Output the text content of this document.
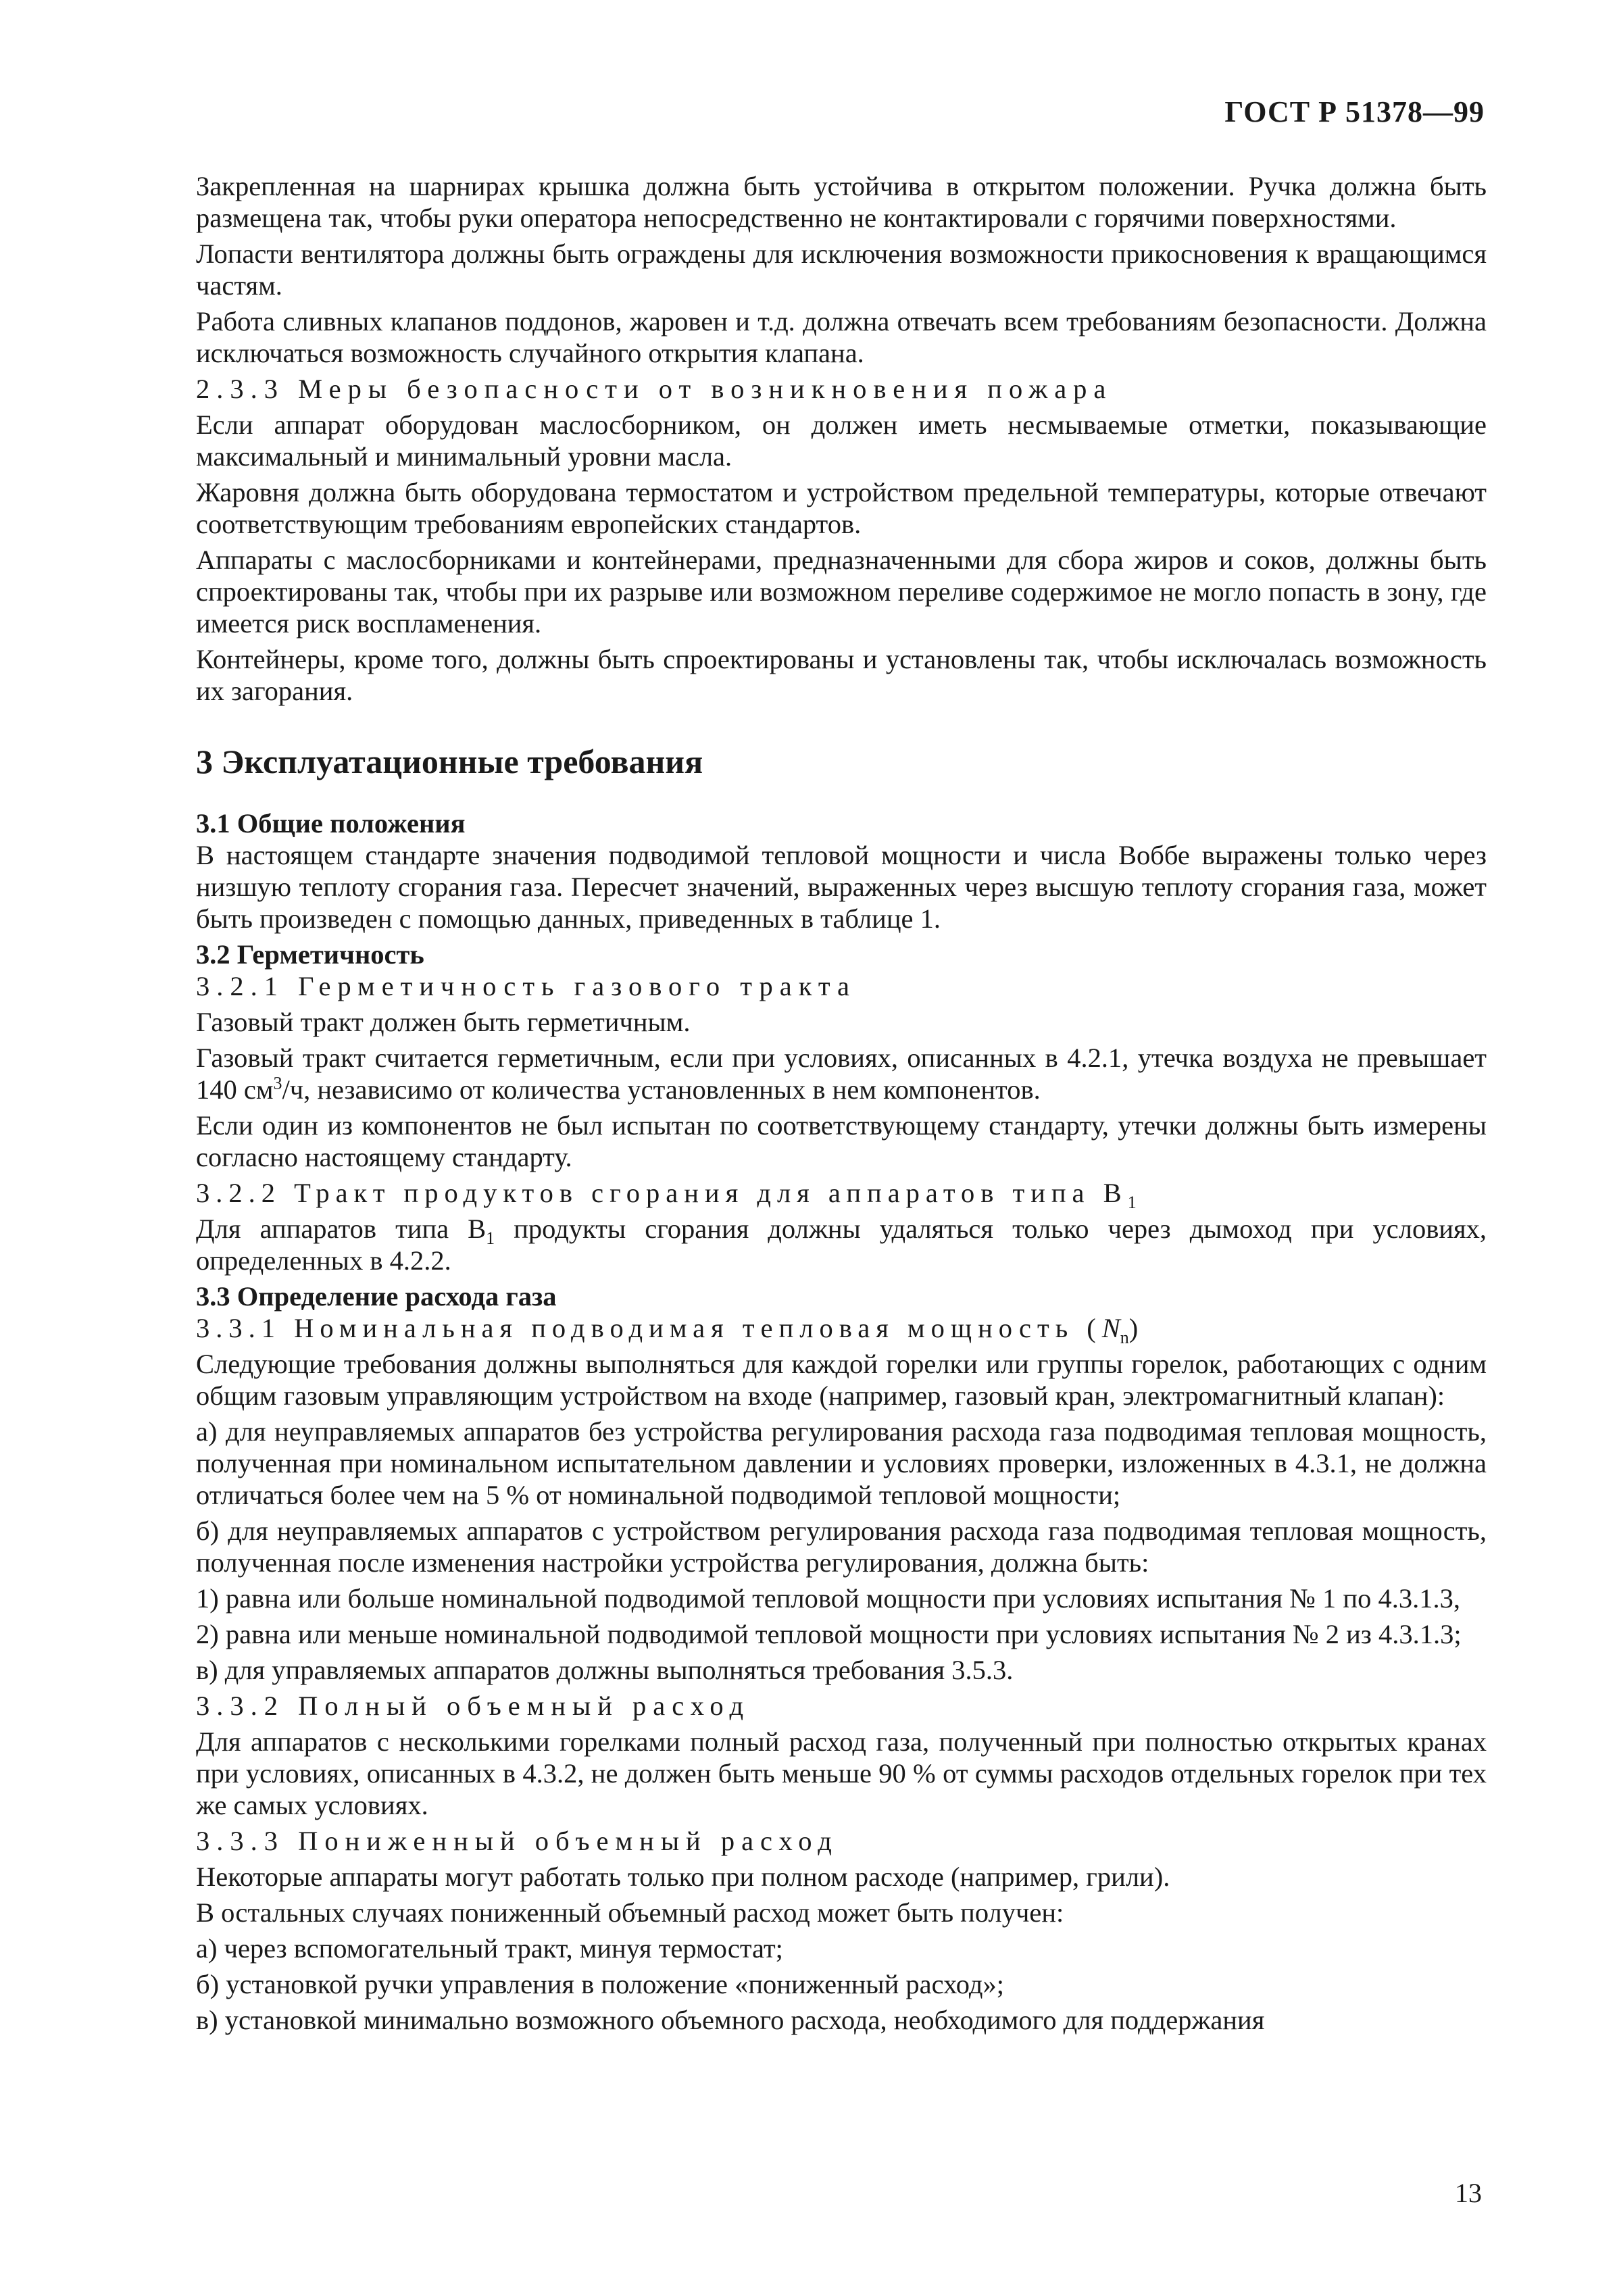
ГОСТ Р 51378—99

Закрепленная на шарнирах крышка должна быть устойчива в открытом положении. Ручка должна быть размещена так, чтобы руки оператора непосредственно не контактировали с горячими поверхностями.

Лопасти вентилятора должны быть ограждены для исключения возможности прикосновения к вращающимся частям.

Работа сливных клапанов поддонов, жаровен и т.д. должна отвечать всем требованиям безопасности. Должна исключаться возможность случайного открытия клапана.

2.3.3 Меры безопасности от возникновения пожара

Если аппарат оборудован маслосборником, он должен иметь несмываемые отметки, показывающие максимальный и минимальный уровни масла.

Жаровня должна быть оборудована термостатом и устройством предельной температуры, которые отвечают соответствующим требованиям европейских стандартов.

Аппараты с маслосборниками и контейнерами, предназначенными для сбора жиров и соков, должны быть спроектированы так, чтобы при их разрыве или возможном переливе содержимое не могло попасть в зону, где имеется риск воспламенения.

Контейнеры, кроме того, должны быть спроектированы и установлены так, чтобы исключалась возможность их загорания.

3 Эксплуатационные требования
3.1 Общие положения

В настоящем стандарте значения подводимой тепловой мощности и числа Воббе выражены только через низшую теплоту сгорания газа. Пересчет значений, выраженных через высшую теплоту сгорания газа, может быть произведен с помощью данных, приведенных в таблице 1.

3.2 Герметичность

3.2.1 Герметичность газового тракта

Газовый тракт должен быть герметичным.

Газовый тракт считается герметичным, если при условиях, описанных в 4.2.1, утечка воздуха не превышает 140 $см^3/ч$, независимо от количества установленных в нем компонентов.

Если один из компонентов не был испытан по соответствующему стандарту, утечки должны быть измерены согласно настоящему стандарту.

3.2.2 Тракт продуктов сгорания для аппаратов типа $B_1$

Для аппаратов типа $B_1$ продукты сгорания должны удаляться только через дымоход при условиях, определенных в 4.2.2.

3.3 Определение расхода газа

3.3.1 Номинальная подводимая тепловая мощность $(N_n)$

Следующие требования должны выполняться для каждой горелки или группы горелок, работающих с одним общим газовым управляющим устройством на входе (например, газовый кран, электромагнитный клапан):

а) для неуправляемых аппаратов без устройства регулирования расхода газа подводимая тепловая мощность, полученная при номинальном испытательном давлении и условиях проверки, изложенных в 4.3.1, не должна отличаться более чем на 5 % от номинальной подводимой тепловой мощности;

б) для неуправляемых аппаратов с устройством регулирования расхода газа подводимая тепловая мощность, полученная после изменения настройки устройства регулирования, должна быть:

1) равна или больше номинальной подводимой тепловой мощности при условиях испытания № 1 по 4.3.1.3,

2) равна или меньше номинальной подводимой тепловой мощности при условиях испытания № 2 из 4.3.1.3;

в) для управляемых аппаратов должны выполняться требования 3.5.3.

3.3.2 Полный объемный расход

Для аппаратов с несколькими горелками полный расход газа, полученный при полностью открытых кранах при условиях, описанных в 4.3.2, не должен быть меньше 90 % от суммы расходов отдельных горелок при тех же самых условиях.

3.3.3 Пониженный объемный расход

Некоторые аппараты могут работать только при полном расходе (например, грили).

В остальных случаях пониженный объемный расход может быть получен:

а) через вспомогательный тракт, минуя термостат;

б) установкой ручки управления в положение «пониженный расход»;

в) установкой минимально возможного объемного расхода, необходимого для поддержания

13
